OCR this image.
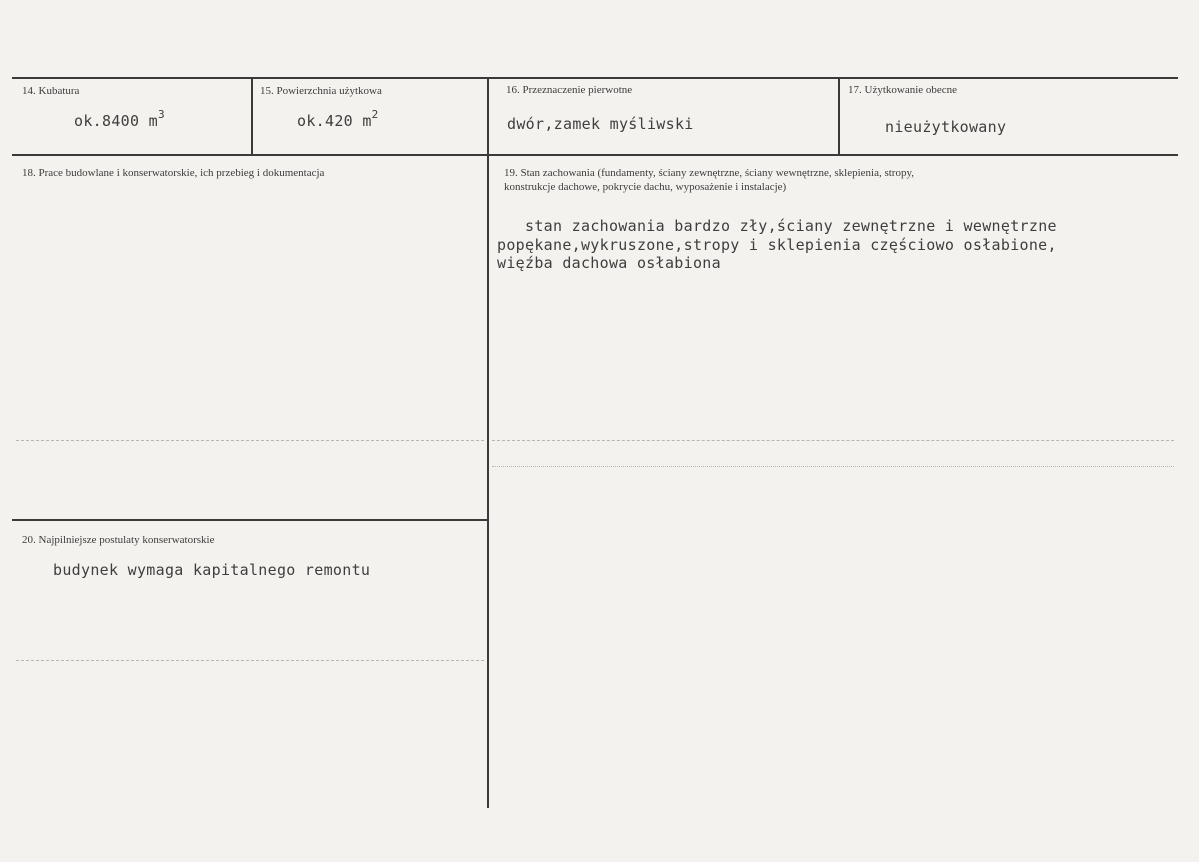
14. Kubatura
ok.8400 $m^3$
15. Powierzchnia użytkowa
ok.420 $m^2$
16. Przeznaczenie pierwotne
dwór,zamek myśliwski
17. Użytkowanie obecne
nieużytkowany
18. Prace budowlane i konserwatorskie, ich przebieg i dokumentacja	19. Stan zachowania (fundamenty, ściany zewnętrzne, ściany wewnętrzne, sklepienia, stropy,
konstrukcje dachowe, pokrycie dachu, wyposażenie i instalacje)
stan zachowania bardzo zły,ściany zewnętrzne i wewnętrzne
popękane,wykruszone,stropy i sklepienia częściowo osłabione,
więźba dachowa osłabiona
20. Najpilniejsze postulaty konserwatorskie
budynek wymaga kapitalnego remontu
